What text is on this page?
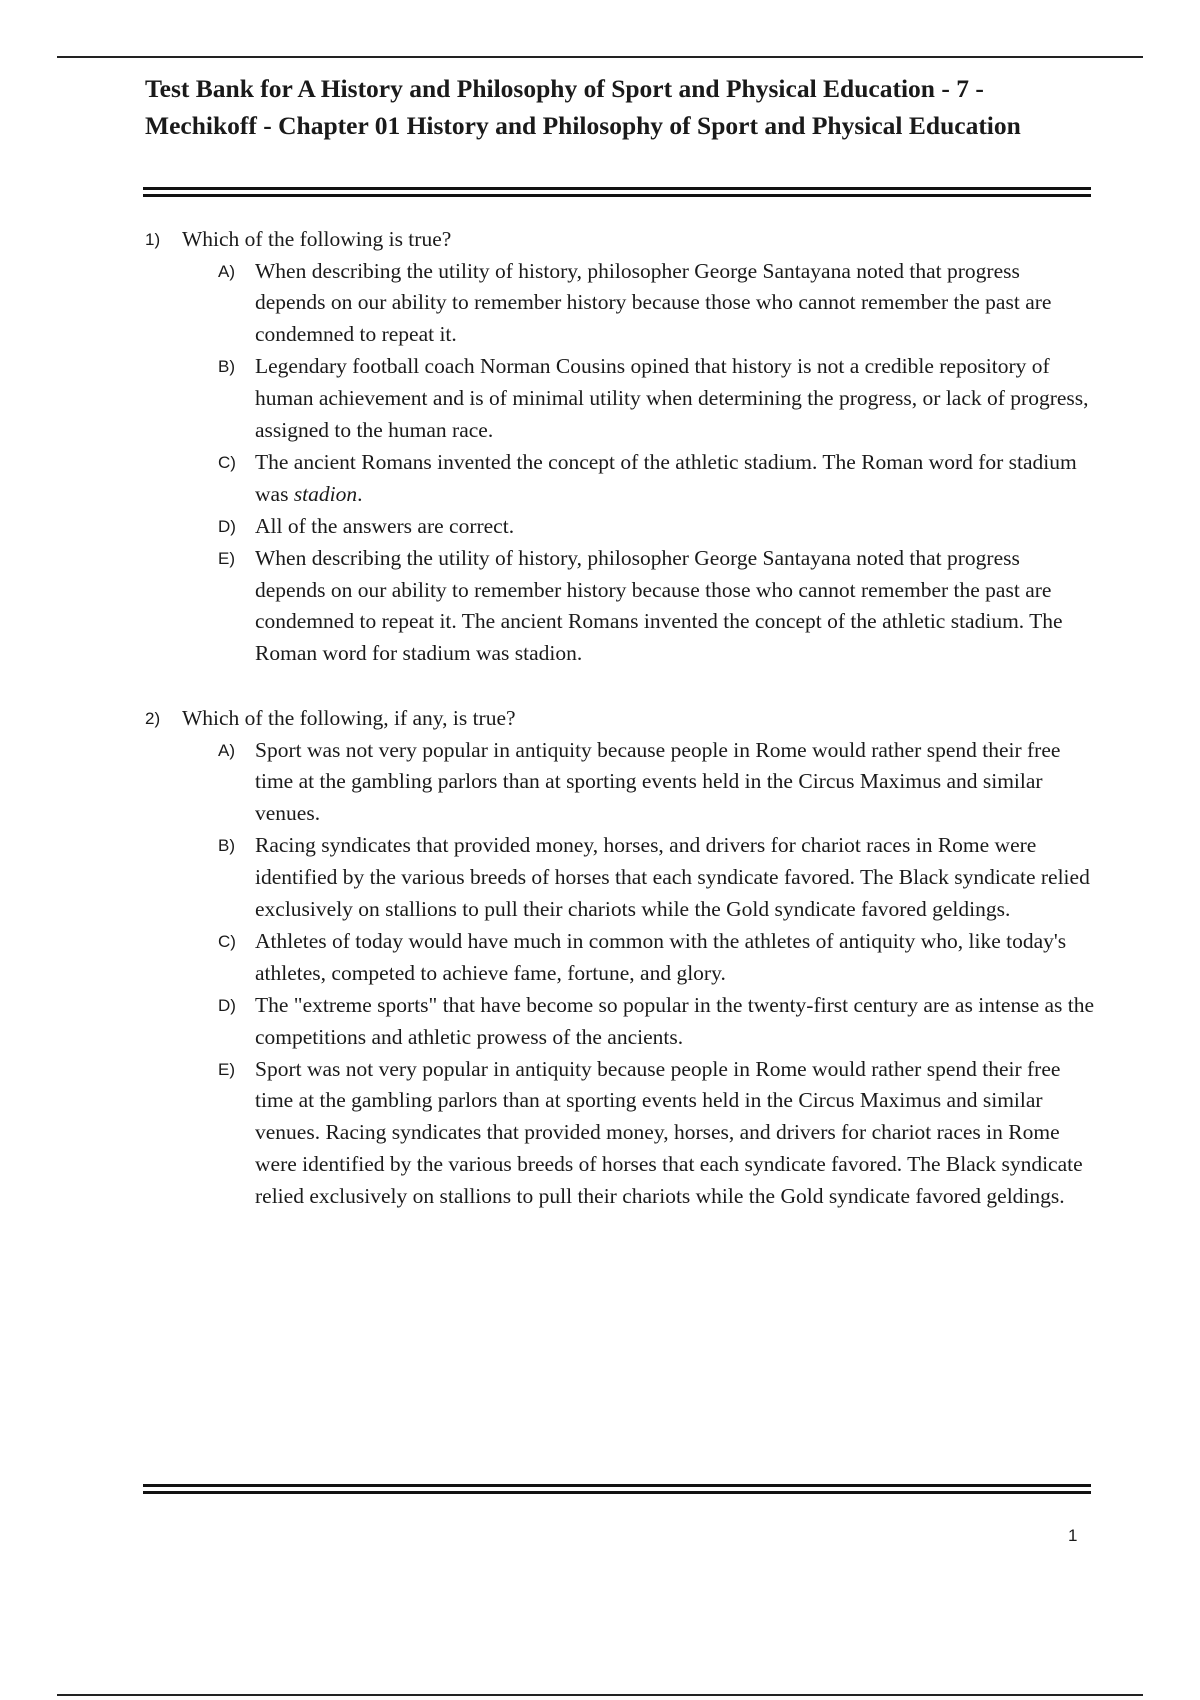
Test Bank for A History and Philosophy of Sport and Physical Education - 7 - Mechikoff - Chapter 01 History and Philosophy of Sport and Physical Education

1)	Which of the following is true?

A) When describing the utility of history, philosopher George Santayana noted that progress depends on our ability to remember history because those who cannot remember the past are condemned to repeat it.
B) Legendary football coach Norman Cousins opined that history is not a credible repository of human achievement and is of minimal utility when determining the progress, or lack of progress, assigned to the human race.
C) The ancient Romans invented the concept of the athletic stadium. The Roman word for stadium was stadion.
D) All of the answers are correct.
E) When describing the utility of history, philosopher George Santayana noted that progress depends on our ability to remember history because those who cannot remember the past are condemned to repeat it. The ancient Romans invented the concept of the athletic stadium. The Roman word for stadium was stadion.

2)	Which of the following, if any, is true?

A) Sport was not very popular in antiquity because people in Rome would rather spend their free time at the gambling parlors than at sporting events held in the Circus Maximus and similar venues.
B) Racing syndicates that provided money, horses, and drivers for chariot races in Rome were identified by the various breeds of horses that each syndicate favored. The Black syndicate relied exclusively on stallions to pull their chariots while the Gold syndicate favored geldings.
C) Athletes of today would have much in common with the athletes of antiquity who, like today's athletes, competed to achieve fame, fortune, and glory.
D) The "extreme sports" that have become so popular in the twenty-first century are as intense as the competitions and athletic prowess of the ancients.
E) Sport was not very popular in antiquity because people in Rome would rather spend their free time at the gambling parlors than at sporting events held in the Circus Maximus and similar venues. Racing syndicates that provided money, horses, and drivers for chariot races in Rome were identified by the various breeds of horses that each syndicate favored. The Black syndicate relied exclusively on stallions to pull their chariots while the Gold syndicate favored geldings.
1
